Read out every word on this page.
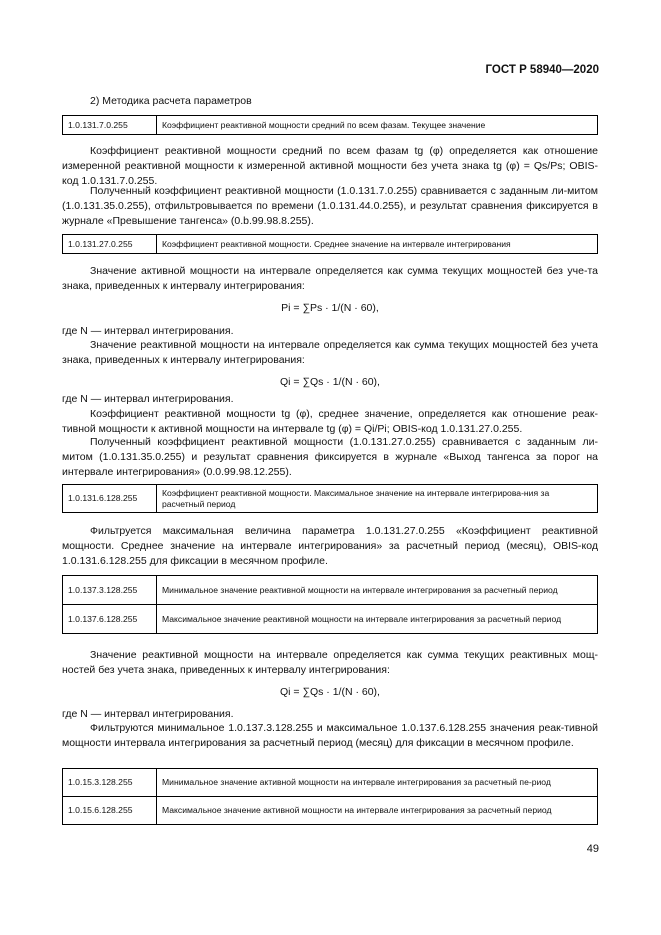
ГОСТ Р 58940—2020
2) Методика расчета параметров
1.0.131.7.0.255	Коэффициент реактивной мощности средний по всем фазам. Текущее значение
Коэффициент реактивной мощности средний по всем фазам tg (φ) определяется как отношение измеренной реактивной мощности к измеренной активной мощности без учета знака tg (φ) = Qs/Ps; OBIS-код 1.0.131.7.0.255.
Полученный коэффициент реактивной мощности (1.0.131.7.0.255) сравнивается с заданным ли-митом (1.0.131.35.0.255), отфильтровывается по времени (1.0.131.44.0.255), и результат сравнения фиксируется в журнале «Превышение тангенса» (0.b.99.98.8.255).
1.0.131.27.0.255	Коэффициент реактивной мощности. Среднее значение на интервале интегрирования
Значение активной мощности на интервале определяется как сумма текущих мощностей без уче-та знака, приведенных к интервалу интегрирования:
Pi = ∑Ps · 1/(N · 60),
где N — интервал интегрирования.
Значение реактивной мощности на интервале определяется как сумма текущих мощностей без учета знака, приведенных к интервалу интегрирования:
Qi = ∑Qs · 1/(N · 60),
где N — интервал интегрирования.
Коэффициент реактивной мощности tg (φ), среднее значение, определяется как отношение реак-тивной мощности к активной мощности на интервале tg (φ) = Qi/Pi; OBIS-код 1.0.131.27.0.255.
Полученный коэффициент реактивной мощности (1.0.131.27.0.255) сравнивается с заданным ли-митом (1.0.131.35.0.255) и результат сравнения фиксируется в журнале «Выход тангенса за порог на интервале интегрирования» (0.0.99.98.12.255).
1.0.131.6.128.255	Коэффициент реактивной мощности. Максимальное значение на интервале интегрирова-ния за расчетный период
Фильтруется максимальная величина параметра 1.0.131.27.0.255 «Коэффициент реактивной мощности. Среднее значение на интервале интегрирования» за расчетный период (месяц), OBIS-код 1.0.131.6.128.255 для фиксации в месячном профиле.
1.0.137.3.128.255	Минимальное значение реактивной мощности на интервале интегрирования за расчетный период
1.0.137.6.128.255	Максимальное значение реактивной мощности на интервале интегрирования за расчетный период
Значение реактивной мощности на интервале определяется как сумма текущих реактивных мощ-ностей без учета знака, приведенных к интервалу интегрирования:
Qi = ∑Qs · 1/(N · 60),
где N — интервал интегрирования.
Фильтруются минимальное 1.0.137.3.128.255 и максимальное 1.0.137.6.128.255 значения реак-тивной мощности интервала интегрирования за расчетный период (месяц) для фиксации в месячном профиле.
1.0.15.3.128.255	Минимальное значение активной мощности на интервале интегрирования за расчетный пе-риод
1.0.15.6.128.255	Максимальное значение активной мощности на интервале интегрирования за расчетный период
49
